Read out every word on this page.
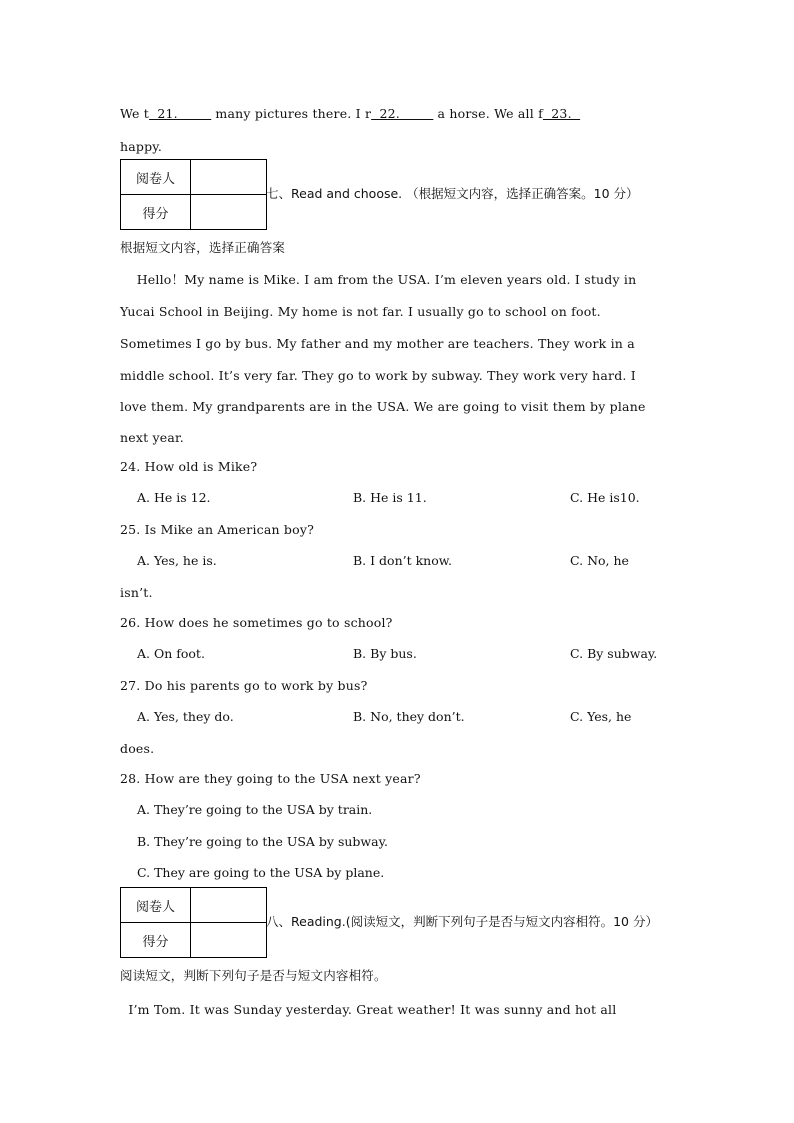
We t  21.         many pictures there. I r  22.         a horse. We all f  23.
happy.
阅卷人	
得分	
七、Read and choose. （根据短文内容，选择正确答案。10 分）
根据短文内容，选择正确答案
Hello！My name is Mike. I am from the USA. I’m eleven years old. I study in
Yucai School in Beijing. My home is not far. I usually go to school on foot.
Sometimes I go by bus. My father and my mother are teachers. They work in a
middle school. It’s very far. They go to work by subway. They work very hard. I
love them. My grandparents are in the USA. We are going to visit them by plane
next year.
24. How old is Mike?
A. He is 12.	B. He is 11.	C. He is10.
25. Is Mike an American boy?
A. Yes, he is.	B. I don’t know.	C. No, he
isn’t.
26. How does he sometimes go to school?
A. On foot.	B. By bus.	C. By subway.
27. Do his parents go to work by bus?
A. Yes, they do.	B. No, they don’t.	C. Yes, he
does.
28. How are they going to the USA next year?
A. They’re going to the USA by train.
B. They’re going to the USA by subway.
C. They are going to the USA by plane.
阅卷人	
得分	
八、Reading.(阅读短文，判断下列句子是否与短文内容相符。10 分）
阅读短文，判断下列句子是否与短文内容相符。
I’m Tom. It was Sunday yesterday. Great weather! It was sunny and hot all
